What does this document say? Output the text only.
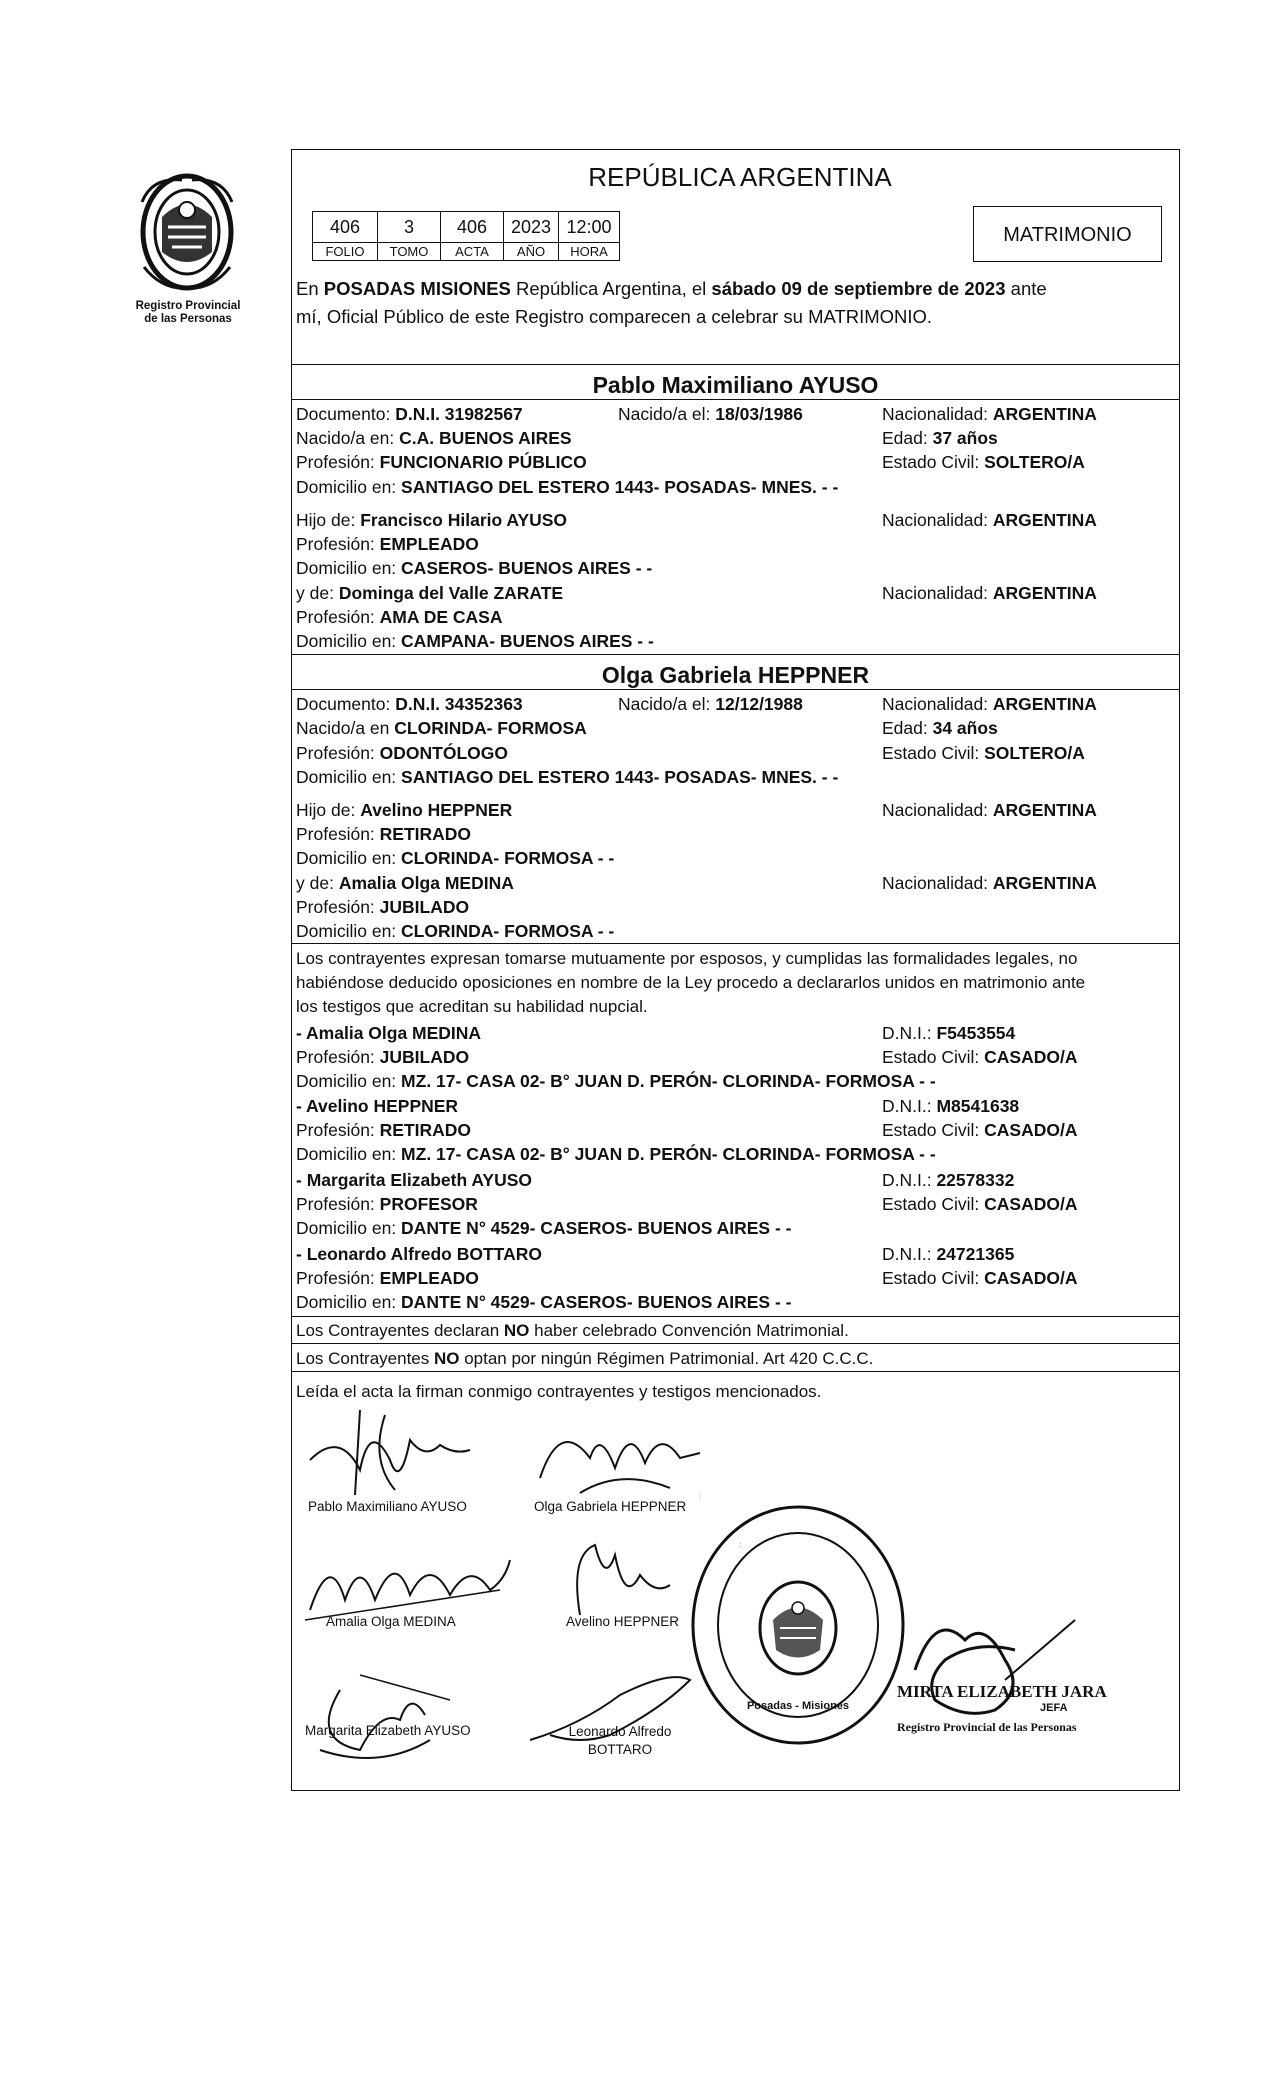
Registro Provincial
de las Personas
REPÚBLICA ARGENTINA
406	3	406	2023	12:00
FOLIO	TOMO	ACTA	AÑO	HORA
MATRIMONIO
En POSADAS MISIONES República Argentina, el sábado 09 de septiembre de 2023 ante
mí, Oficial Público de este Registro comparecen a celebrar su MATRIMONIO.
Pablo Maximiliano AYUSO
Documento: D.N.I. 31982567	Nacido/a el: 18/03/1986	Nacionalidad: ARGENTINA
Nacido/a en: C.A. BUENOS AIRES	Edad: 37 años
Profesión: FUNCIONARIO PÚBLICO	Estado Civil: SOLTERO/A
Domicilio en: SANTIAGO DEL ESTERO 1443- POSADAS- MNES. - -
Hijo de: Francisco Hilario AYUSO	Nacionalidad: ARGENTINA
Profesión: EMPLEADO
Domicilio en: CASEROS- BUENOS AIRES - -
y de: Dominga del Valle ZARATE	Nacionalidad: ARGENTINA
Profesión: AMA DE CASA
Domicilio en: CAMPANA- BUENOS AIRES - -
Olga Gabriela HEPPNER
Documento: D.N.I. 34352363	Nacido/a el: 12/12/1988	Nacionalidad: ARGENTINA
Nacido/a en CLORINDA- FORMOSA	Edad: 34 años
Profesión: ODONTÓLOGO	Estado Civil: SOLTERO/A
Domicilio en: SANTIAGO DEL ESTERO 1443- POSADAS- MNES. - -
Hijo de: Avelino HEPPNER	Nacionalidad: ARGENTINA
Profesión: RETIRADO
Domicilio en: CLORINDA- FORMOSA - -
y de: Amalia Olga MEDINA	Nacionalidad: ARGENTINA
Profesión: JUBILADO
Domicilio en: CLORINDA- FORMOSA - -
Los contrayentes expresan tomarse mutuamente por esposos, y cumplidas las formalidades legales, no
habiéndose deducido oposiciones en nombre de la Ley procedo a declararlos unidos en matrimonio ante
los testigos que acreditan su habilidad nupcial.
- Amalia Olga MEDINA	D.N.I.: F5453554
Profesión: JUBILADO	Estado Civil: CASADO/A
Domicilio en: MZ. 17- CASA 02- B° JUAN D. PERÓN- CLORINDA- FORMOSA - -
- Avelino HEPPNER	D.N.I.: M8541638
Profesión: RETIRADO	Estado Civil: CASADO/A
Domicilio en: MZ. 17- CASA 02- B° JUAN D. PERÓN- CLORINDA- FORMOSA - -
- Margarita Elizabeth AYUSO	D.N.I.: 22578332
Profesión: PROFESOR	Estado Civil: CASADO/A
Domicilio en: DANTE N° 4529- CASEROS- BUENOS AIRES - -
- Leonardo Alfredo BOTTARO	D.N.I.: 24721365
Profesión: EMPLEADO	Estado Civil: CASADO/A
Domicilio en: DANTE N° 4529- CASEROS- BUENOS AIRES - -
Los Contrayentes declaran NO haber celebrado Convención Matrimonial.
Los Contrayentes NO optan por ningún Régimen Patrimonial. Art 420 C.C.C.
Leída el acta la firman conmigo contrayentes y testigos mencionados.
Pablo Maximiliano AYUSO	Olga Gabriela HEPPNER
Amalia Olga MEDINA	Avelino HEPPNER
Margarita Elizabeth AYUSO	Leonardo Alfredo
BOTTARO
Posadas - Misiones
MIRTA ELIZABETH JARA
JEFA
Registro Provincial de las Personas
